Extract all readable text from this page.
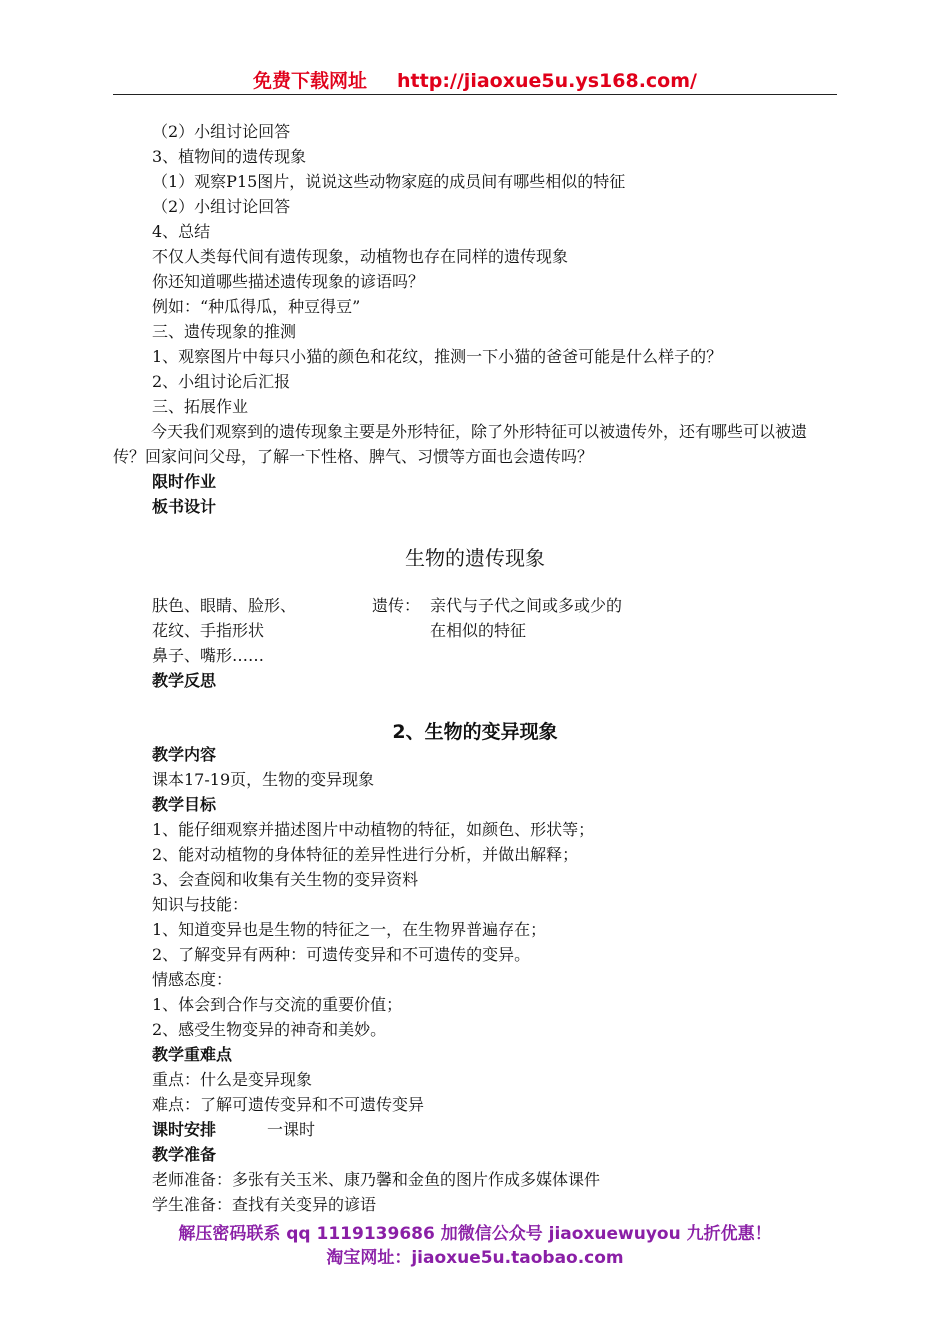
免费下载网址 http://jiaoxue5u.ys168.com/
（2）小组讨论回答
3、植物间的遗传现象
（1）观察P15图片，说说这些动物家庭的成员间有哪些相似的特征
（2）小组讨论回答
4、总结
不仅人类每代间有遗传现象，动植物也存在同样的遗传现象
你还知道哪些描述遗传现象的谚语吗？
例如：“种瓜得瓜，种豆得豆”
三、遗传现象的推测
1、观察图片中每只小猫的颜色和花纹，推测一下小猫的爸爸可能是什么样子的？
2、小组讨论后汇报
三、拓展作业
今天我们观察到的遗传现象主要是外形特征，除了外形特征可以被遗传外，还有哪些可以被遗传？回家问问父母，了解一下性格、脾气、习惯等方面也会遗传吗？
限时作业
板书设计
生物的遗传现象
肤色、眼睛、脸形、
花纹、手指形状
鼻子、嘴形……
遗传： 亲代与子代之间或多或少的
在相似的特征
教学反思
2、生物的变异现象
教学内容
课本17-19页，生物的变异现象
教学目标
1、能仔细观察并描述图片中动植物的特征，如颜色、形状等；
2、能对动植物的身体特征的差异性进行分析，并做出解释；
3、会查阅和收集有关生物的变异资料
知识与技能：
1、知道变异也是生物的特征之一，在生物界普遍存在；
2、了解变异有两种：可遗传变异和不可遗传的变异。
情感态度：
1、体会到合作与交流的重要价值；
2、感受生物变异的神奇和美妙。
教学重难点
重点：什么是变异现象
难点：了解可遗传变异和不可遗传变异
课时安排	一课时
教学准备
老师准备：多张有关玉米、康乃馨和金鱼的图片作成多媒体课件
学生准备：查找有关变异的谚语
解压密码联系 qq 1119139686 加微信公众号 jiaoxuewuyou 九折优惠！
淘宝网址：jiaoxue5u.taobao.com
